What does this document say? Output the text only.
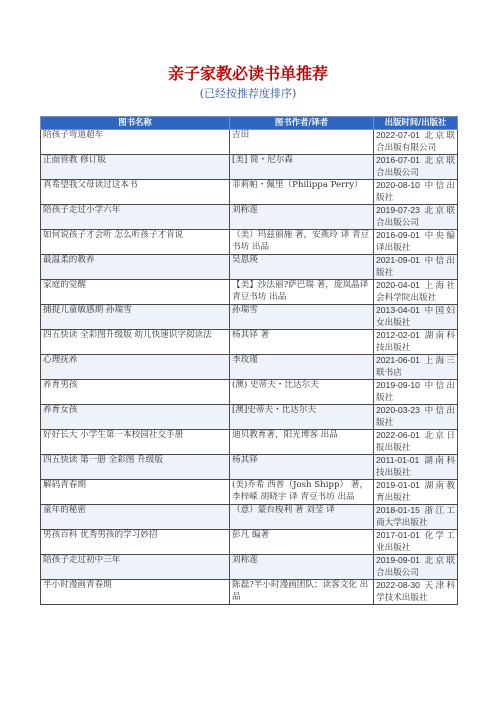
亲子家教必读书单推荐
(已经按推荐度排序)
图书名称	图书作者/译者	出版时间/出版社
陪孩子弯道超车	吉田	2022-07-01 北京联合出版有限公司
正面管教 修订版	[美] 简・尼尔森	2016-07-01 北京联合出版公司
真希望我父母读过这本书	菲莉帕・佩里（Philippa Perry）	2020-08-10 中信出版社
陪孩子走过小学六年	刘称莲	2019-07-23 北京联合出版公司
如何说孩子才会听 怎么听孩子才肯说	（美）玛兹丽施 著，安燕玲 译 青豆书坊 出品	2016-09-01 中央编译出版社
最温柔的教养	吴恩瑛	2021-09-01 中信出版社
家庭的觉醒	【美】沙法丽?萨巴瑞 著，庞岚晶译 青豆书坊 出品	2020-04-01 上海社会科学院出版社
捕捉儿童敏感期 孙瑞雪	孙瑞雪	2013-04-01 中国妇女出版社
四五快读 全彩图升级版 幼儿快速识字阅读法	杨其铎 著	2012-02-01 湖南科技出版社
心理抚养	李玫瑾	2021-06-01 上海三联书店
养育男孩	(澳) 史蒂夫・比达尔夫	2019-09-10 中信出版社
养育女孩	[澳]史蒂夫・比达尔夫	2020-03-23 中信出版社
好好长大 小学生第一本校园社交手册	迪贝教育著，阳光博客 出品	2022-06-01 北京日报出版社
四五快读 第一册 全彩图 升级版	杨其铎	2011-01-01 湖南科技出版社
解码青春期	(美)乔希 西普（Josh Shipp） 著，李梓嵘 胡晓宇 译 青豆书坊 出品	2019-01-01 湖南教育出版社
童年的秘密	（意）蒙台梭利 著 刘莹 译	2018-01-15 浙江工商大学出版社
男孩百科 优秀男孩的学习妙招	彭凡 编著	2017-01-01 化学工业出版社
陪孩子走过初中三年	刘称莲	2019-09-01 北京联合出版公司
半小时漫画青春期	陈磊?半小时漫画团队；读客文化 出品	2022-08-30 天津科学技术出版社
